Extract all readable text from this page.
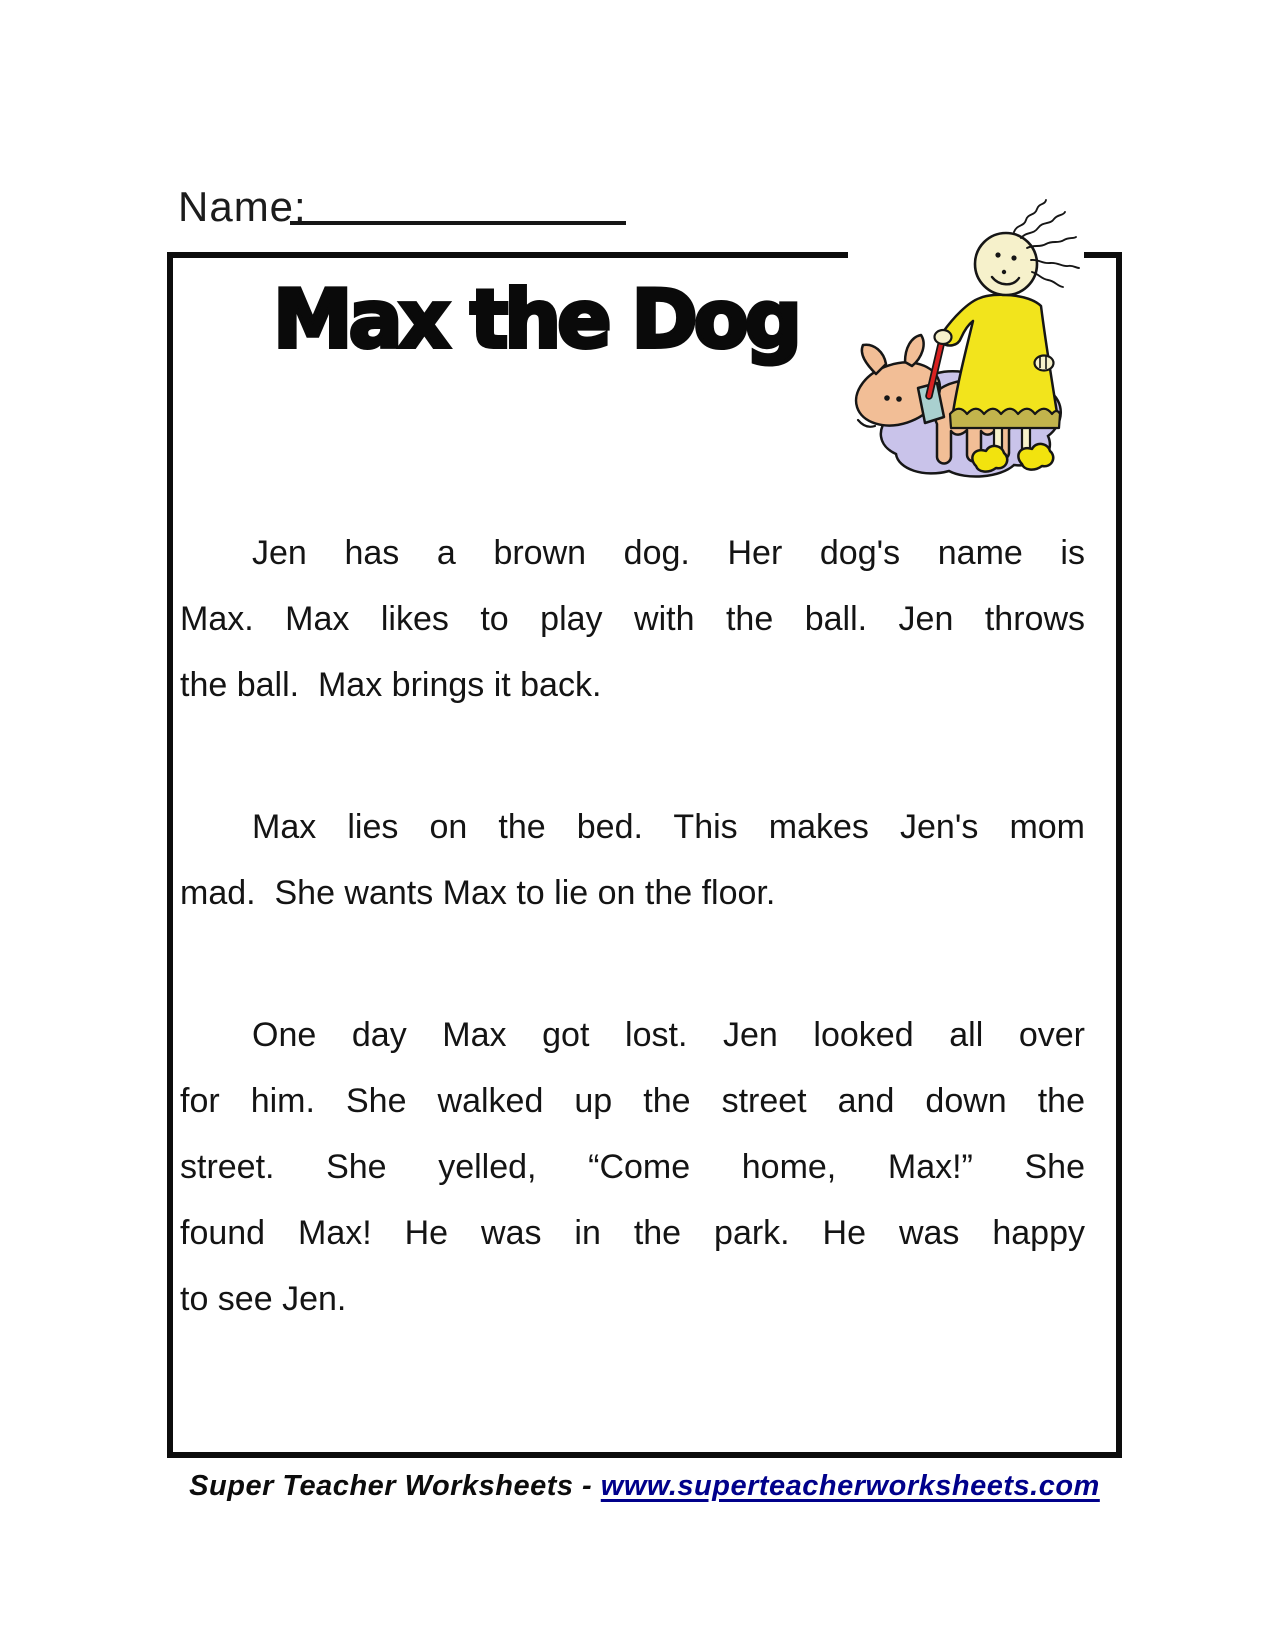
Name:
Max the Dog
Jen has a brown dog. Her dog's name is
Max. Max likes to play with the ball. Jen throws
the ball.  Max brings it back.
Max lies on the bed. This makes Jen's mom
mad.  She wants Max to lie on the floor.
One day Max got lost. Jen looked all over
for him. She walked up the street and down the
street. She yelled, “Come home, Max!” She
found Max! He was in the park. He was happy
to see Jen.
Super Teacher Worksheets - www.superteacherworksheets.com
